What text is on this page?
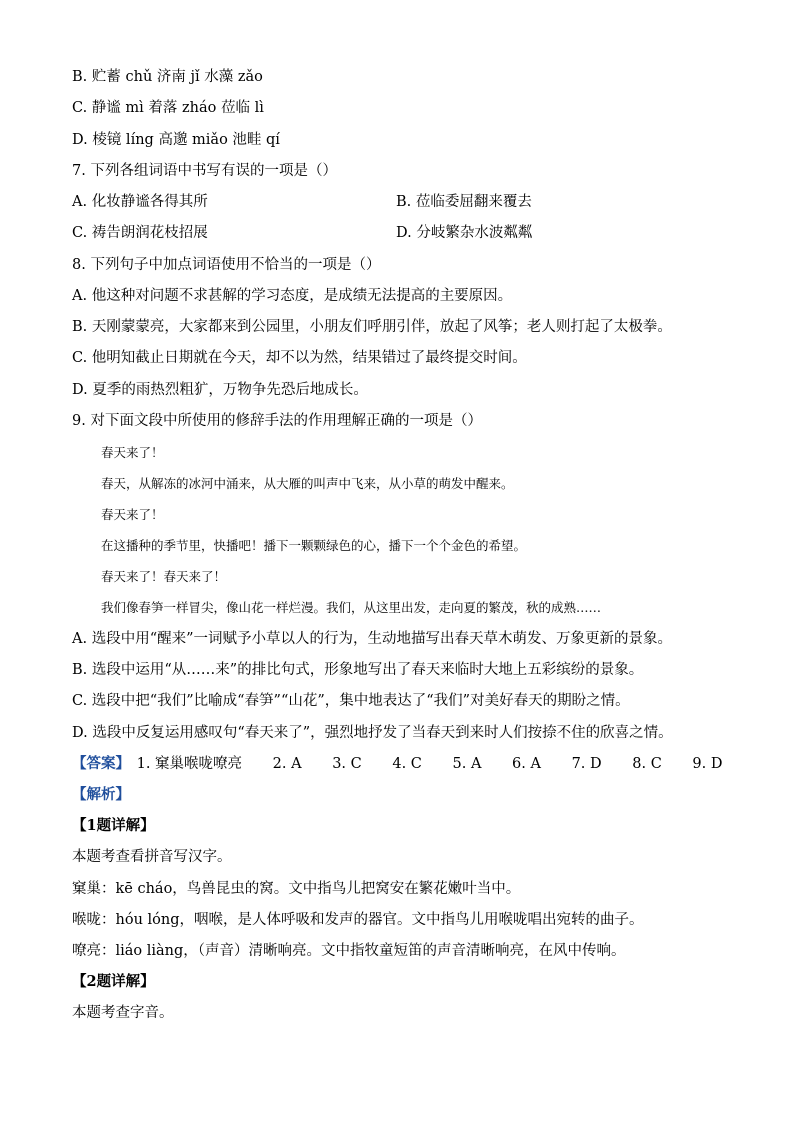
B. 贮蓄 chǔ 济南 jǐ 水藻 zǎo
C. 静谧 mì 着落 zháo 莅临 lì
D. 棱镜 líng 高邈 miǎo 池畦 qí
7. 下列各组词语中书写有误的一项是（）
A. 化妆静谧各得其所	B. 莅临委屈翻来覆去
C. 祷告朗润花枝招展	D. 分岐繁杂水波粼粼
8. 下列句子中加点词语使用不恰当的一项是（）
A. 他这种对问题不求甚解的学习态度，是成绩无法提高的主要原因。
B. 天刚蒙蒙亮，大家都来到公园里，小朋友们呼朋引伴，放起了风筝；老人则打起了太极拳。
C. 他明知截止日期就在今天，却不以为然，结果错过了最终提交时间。
D. 夏季的雨热烈粗犷，万物争先恐后地成长。
9. 对下面文段中所使用的修辞手法的作用理解正确的一项是（）
春天来了！
春天，从解冻的冰河中涌来，从大雁的叫声中飞来，从小草的萌发中醒来。
春天来了！
在这播种的季节里，快播吧！播下一颗颗绿色的心，播下一个个金色的希望。
春天来了！春天来了！
我们像春笋一样冒尖，像山花一样烂漫。我们，从这里出发，走向夏的繁茂，秋的成熟……
A. 选段中用“醒来”一词赋予小草以人的行为，生动地描写出春天草木萌发、万象更新的景象。
B. 选段中运用“从……来”的排比句式，形象地写出了春天来临时大地上五彩缤纷的景象。
C. 选段中把“我们”比喻成“春笋”“山花”，集中地表达了“我们”对美好春天的期盼之情。
D. 选段中反复运用感叹句“春天来了”，强烈地抒发了当春天到来时人们按捺不住的欣喜之情。
【答案】 1. 窠巢喉咙嘹亮 2. A 3. C 4. C 5. A 6. A 7. D 8. C 9. D
【解析】
【1题详解】
本题考查看拼音写汉字。
窠巢：kē cháo，鸟兽昆虫的窝。文中指鸟儿把窝安在繁花嫩叶当中。
喉咙：hóu lóng，咽喉，是人体呼吸和发声的器官。文中指鸟儿用喉咙唱出宛转的曲子。
嘹亮：liáo liàng，（声音）清晰响亮。文中指牧童短笛的声音清晰响亮，在风中传响。
【2题详解】
本题考查字音。
